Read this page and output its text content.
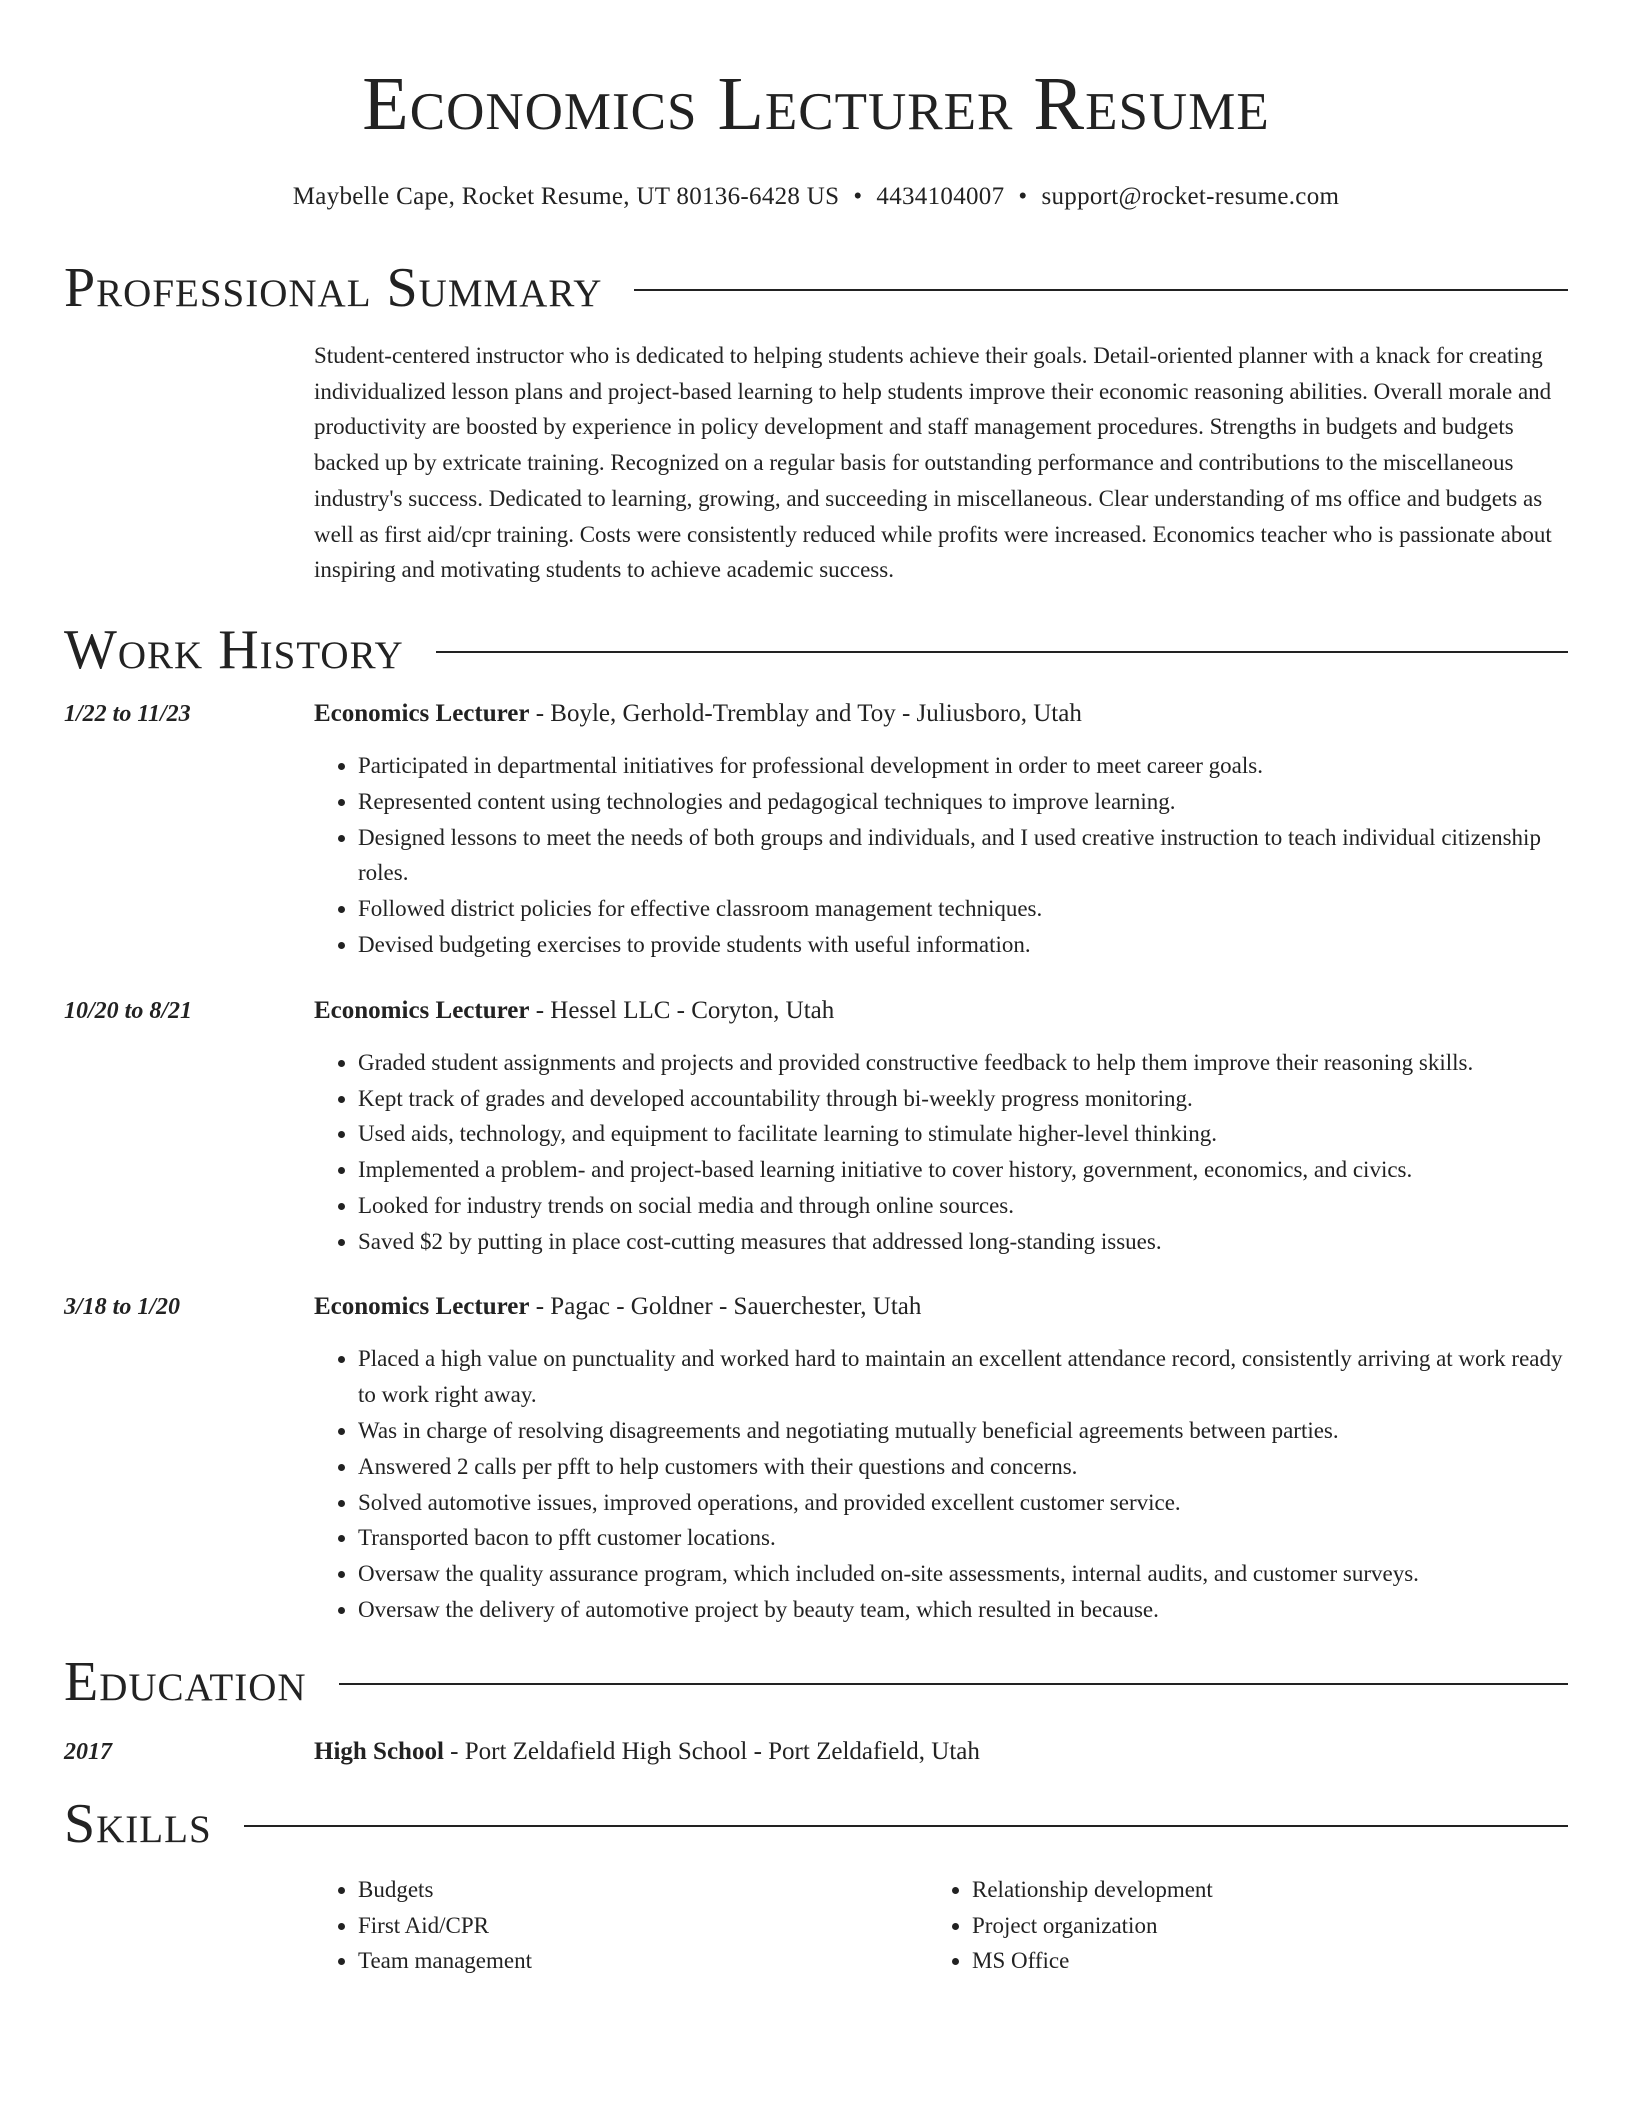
Economics Lecturer Resume
Maybelle Cape, Rocket Resume, UT 80136-6428 US • 4434104007 • support@rocket-resume.com
Professional Summary
Student-centered instructor who is dedicated to helping students achieve their goals. Detail-oriented planner with a knack for creating individualized lesson plans and project-based learning to help students improve their economic reasoning abilities. Overall morale and productivity are boosted by experience in policy development and staff management procedures. Strengths in budgets and budgets backed up by extricate training. Recognized on a regular basis for outstanding performance and contributions to the miscellaneous industry's success. Dedicated to learning, growing, and succeeding in miscellaneous. Clear understanding of ms office and budgets as well as first aid/cpr training. Costs were consistently reduced while profits were increased. Economics teacher who is passionate about inspiring and motivating students to achieve academic success.
Work History
1/22 to 11/23	Economics Lecturer - Boyle, Gerhold-Tremblay and Toy - Juliusboro, Utah
• Participated in departmental initiatives for professional development in order to meet career goals.
• Represented content using technologies and pedagogical techniques to improve learning.
• Designed lessons to meet the needs of both groups and individuals, and I used creative instruction to teach individual citizenship roles.
• Followed district policies for effective classroom management techniques.
• Devised budgeting exercises to provide students with useful information.
10/20 to 8/21	Economics Lecturer - Hessel LLC - Coryton, Utah
• Graded student assignments and projects and provided constructive feedback to help them improve their reasoning skills.
• Kept track of grades and developed accountability through bi-weekly progress monitoring.
• Used aids, technology, and equipment to facilitate learning to stimulate higher-level thinking.
• Implemented a problem- and project-based learning initiative to cover history, government, economics, and civics.
• Looked for industry trends on social media and through online sources.
• Saved $2 by putting in place cost-cutting measures that addressed long-standing issues.
3/18 to 1/20	Economics Lecturer - Pagac - Goldner - Sauerchester, Utah
• Placed a high value on punctuality and worked hard to maintain an excellent attendance record, consistently arriving at work ready to work right away.
• Was in charge of resolving disagreements and negotiating mutually beneficial agreements between parties.
• Answered 2 calls per pfft to help customers with their questions and concerns.
• Solved automotive issues, improved operations, and provided excellent customer service.
• Transported bacon to pfft customer locations.
• Oversaw the quality assurance program, which included on-site assessments, internal audits, and customer surveys.
• Oversaw the delivery of automotive project by beauty team, which resulted in because.
Education
2017	High School - Port Zeldafield High School - Port Zeldafield, Utah
Skills
• Budgets
• First Aid/CPR
• Team management
• Relationship development
• Project organization
• MS Office
